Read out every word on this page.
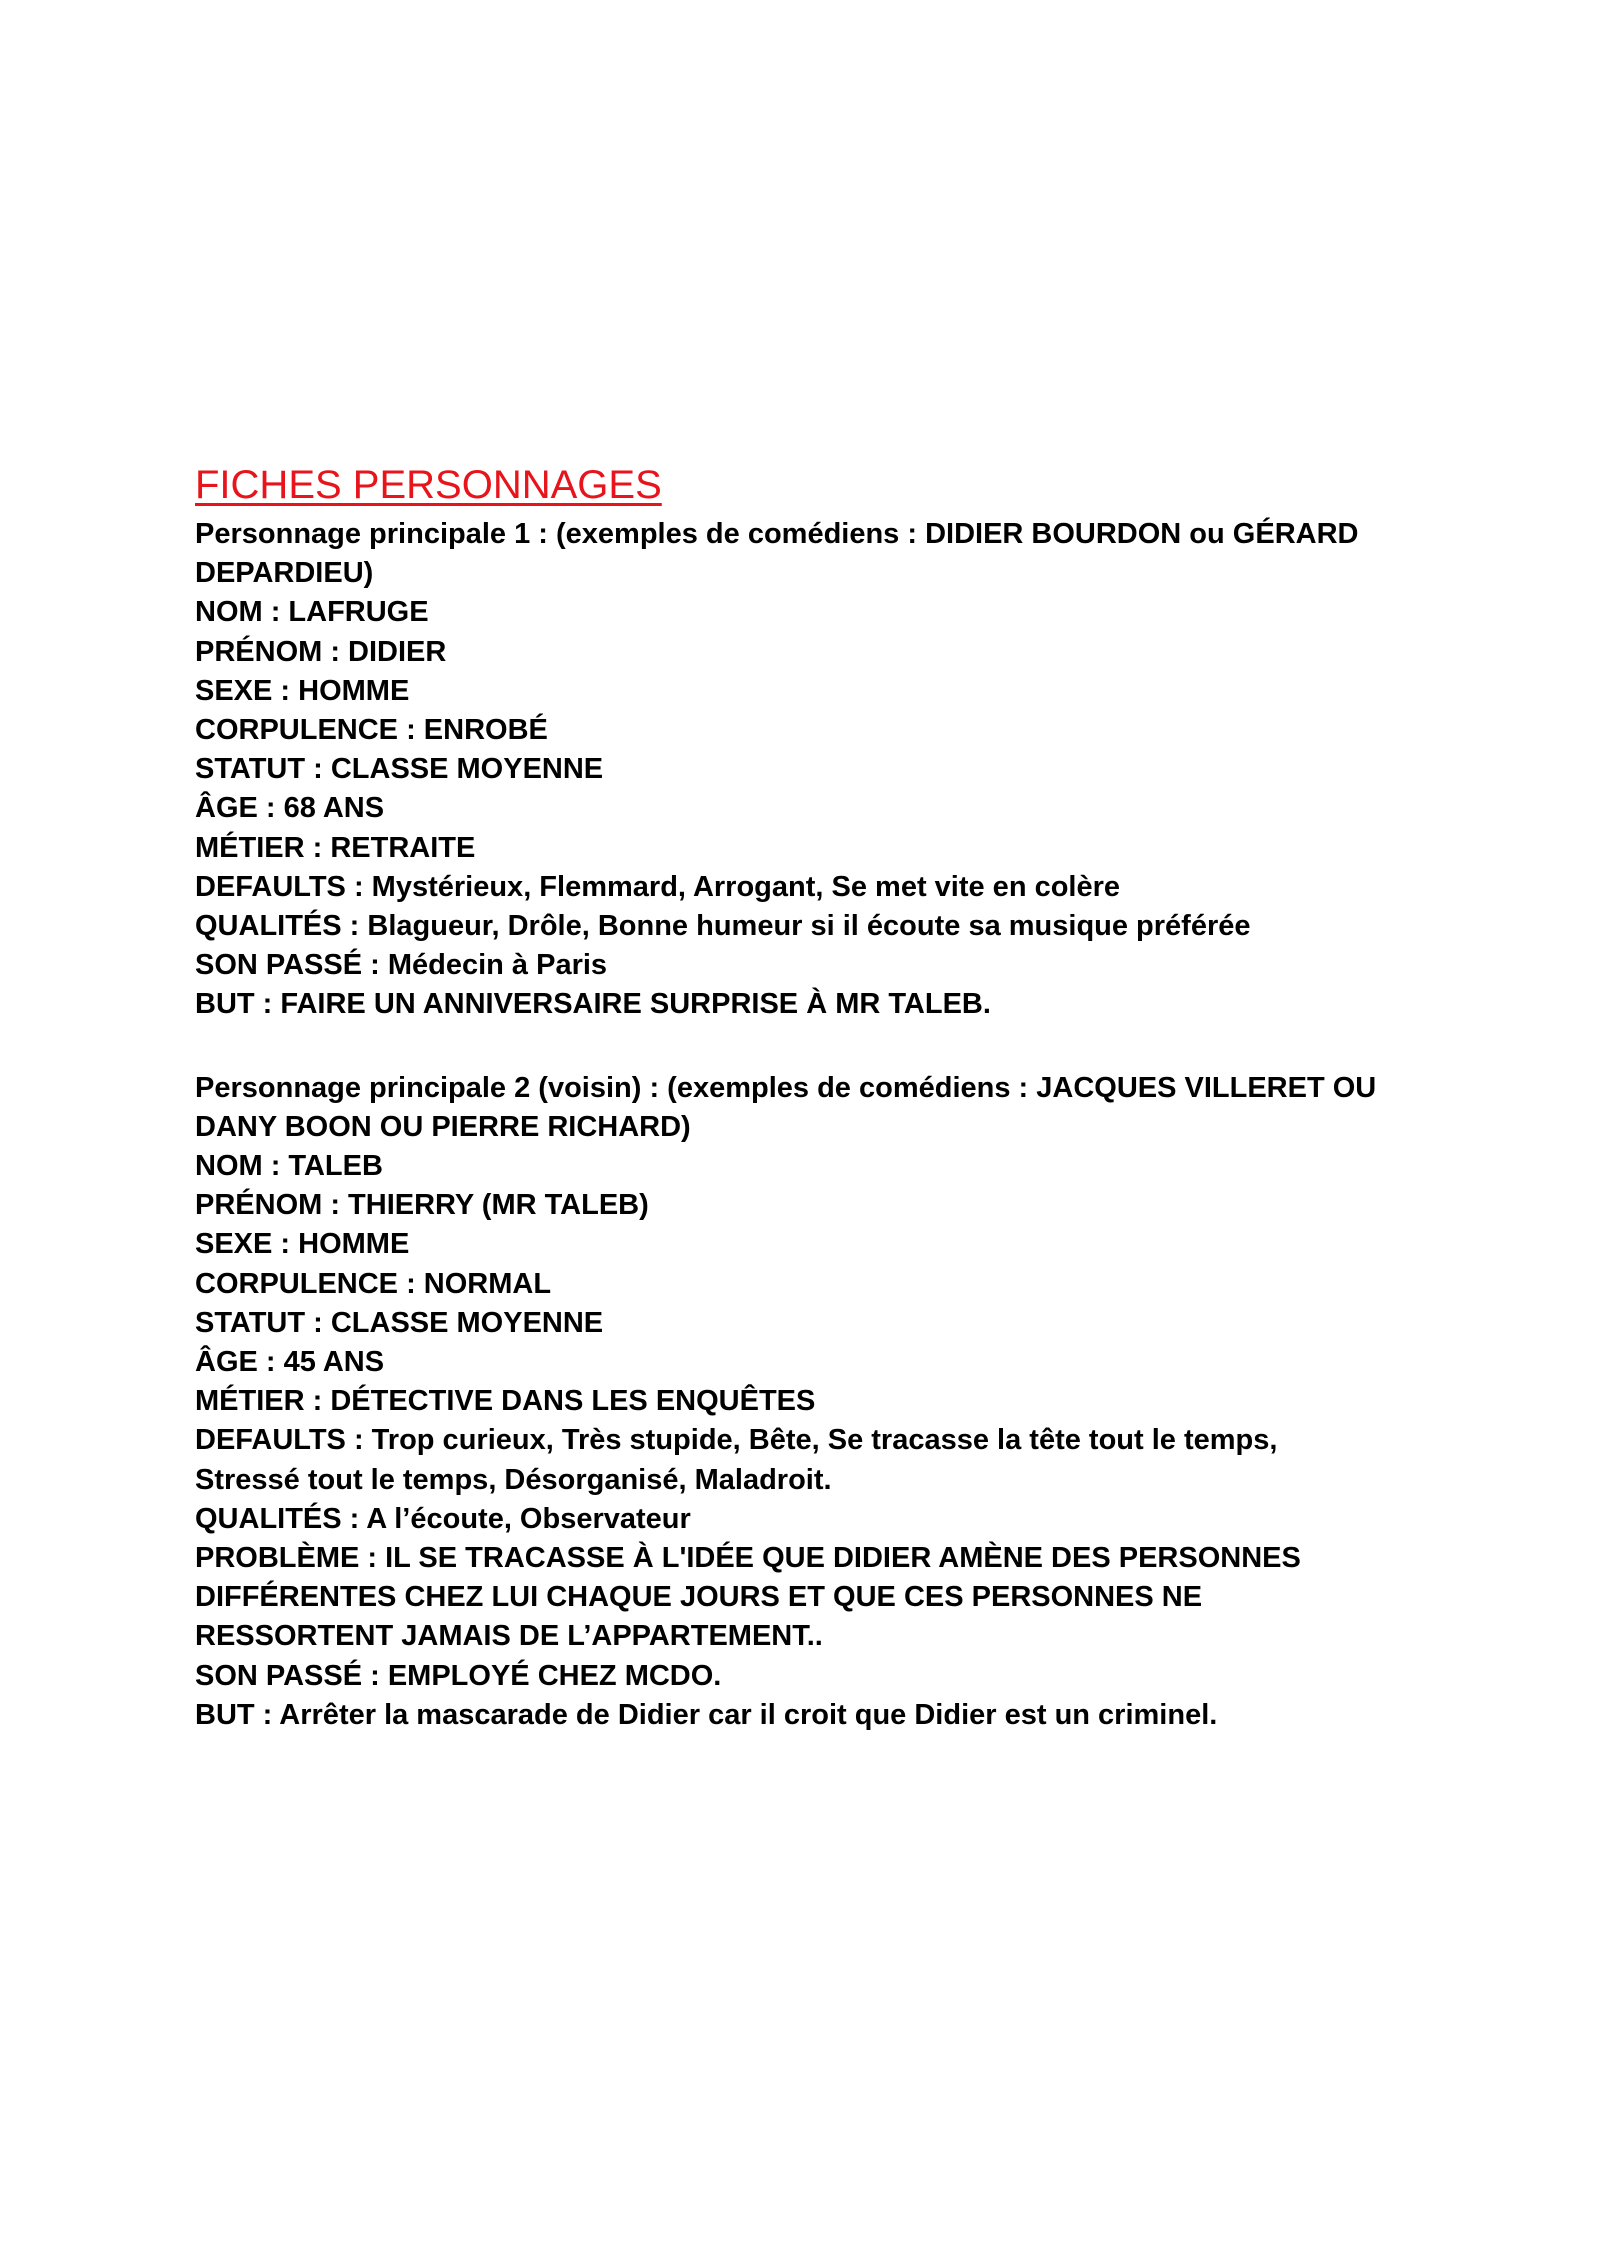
FICHES PERSONNAGES

Personnage principale 1 : (exemples de comédiens : DIDIER BOURDON ou GÉRARD

DEPARDIEU)

NOM : LAFRUGE

PRÉNOM : DIDIER

SEXE : HOMME

CORPULENCE : ENROBÉ

STATUT : CLASSE MOYENNE

ÂGE : 68 ANS

MÉTIER : RETRAITE

DEFAULTS : Mystérieux, Flemmard, Arrogant, Se met vite en colère

QUALITÉS : Blagueur, Drôle, Bonne humeur si il écoute sa musique préférée

SON PASSÉ : Médecin à Paris

BUT : FAIRE UN ANNIVERSAIRE SURPRISE À MR TALEB.

Personnage principale 2 (voisin) : (exemples de comédiens : JACQUES VILLERET OU

DANY BOON OU PIERRE RICHARD)

NOM : TALEB

PRÉNOM : THIERRY (MR TALEB)

SEXE : HOMME

CORPULENCE : NORMAL

STATUT : CLASSE MOYENNE

ÂGE : 45 ANS

MÉTIER : DÉTECTIVE DANS LES ENQUÊTES

DEFAULTS : Trop curieux, Très stupide, Bête, Se tracasse la tête tout le temps,

Stressé tout le temps, Désorganisé, Maladroit.

QUALITÉS : A l’écoute, Observateur

PROBLÈME : IL SE TRACASSE À L'IDÉE QUE DIDIER AMÈNE DES PERSONNES

DIFFÉRENTES CHEZ LUI CHAQUE JOURS ET QUE CES PERSONNES NE

RESSORTENT JAMAIS DE L’APPARTEMENT..

SON PASSÉ : EMPLOYÉ CHEZ MCDO.

BUT : Arrêter la mascarade de Didier car il croit que Didier est un criminel.
